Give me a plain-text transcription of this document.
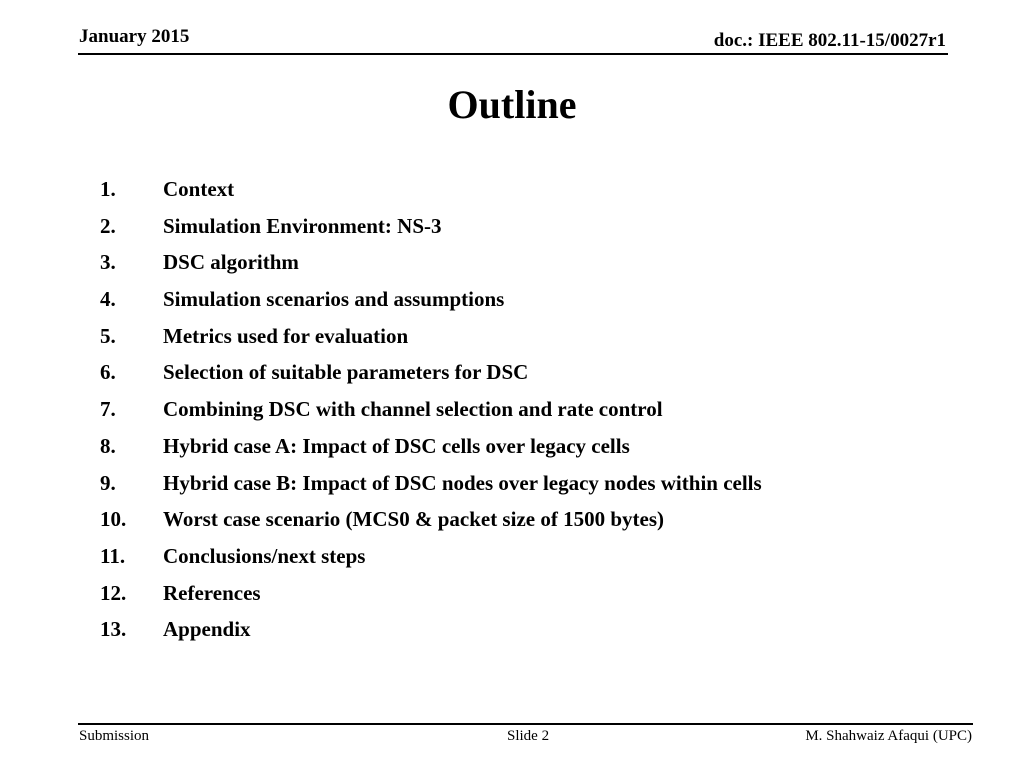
January 2015	doc.: IEEE 802.11-15/0027r1
Outline
1.	Context
2.	Simulation Environment: NS-3
3.	DSC algorithm
4.	Simulation scenarios and assumptions
5.	Metrics used for evaluation
6.	Selection of suitable parameters for DSC
7.	Combining DSC with channel selection and rate control
8.	Hybrid case A: Impact of DSC cells over legacy cells
9.	Hybrid case B: Impact of DSC nodes over legacy nodes within cells
10.	Worst case scenario (MCS0 & packet size of 1500 bytes)
11.	Conclusions/next steps
12.	References
13.	Appendix
Submission	Slide 2	M. Shahwaiz Afaqui (UPC)
